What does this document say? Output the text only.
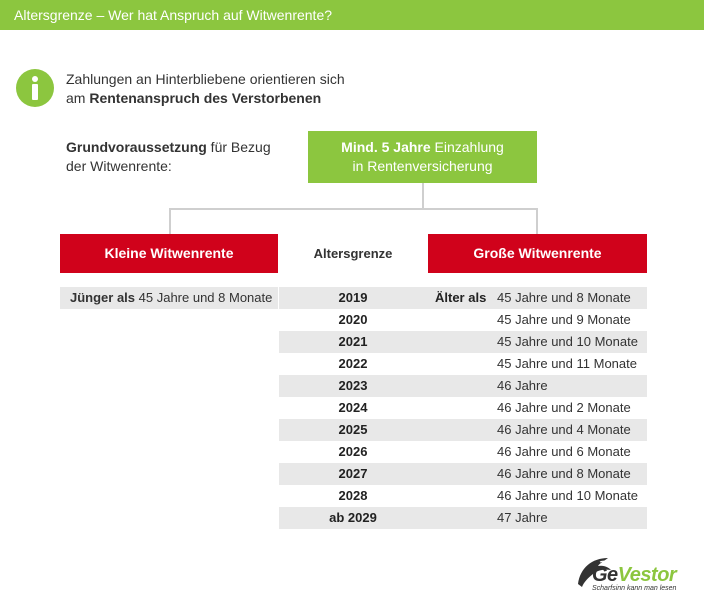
Altersgrenze – Wer hat Anspruch auf Witwenrente?
Zahlungen an Hinterbliebene orientieren sich
am Rentenanspruch des Verstorbenen
Grundvoraussetzung für Bezug
der Witwenrente:
Mind. 5 Jahre Einzahlung
in Rentenversicherung
Kleine Witwenrente	Altersgrenze	Große Witwenrente
Jünger als 45 Jahre und 8 Monate	2019	Älter als 45 Jahre und 8 Monate
2020	45 Jahre und 9 Monate
2021	45 Jahre und 10 Monate
2022	45 Jahre und 11 Monate
2023	46 Jahre
2024	46 Jahre und 2 Monate
2025	46 Jahre und 4 Monate
2026	46 Jahre und 6 Monate
2027	46 Jahre und 8 Monate
2028	46 Jahre und 10 Monate
ab 2029	47 Jahre
GeVestor
Scharfsinn kann man lesen
